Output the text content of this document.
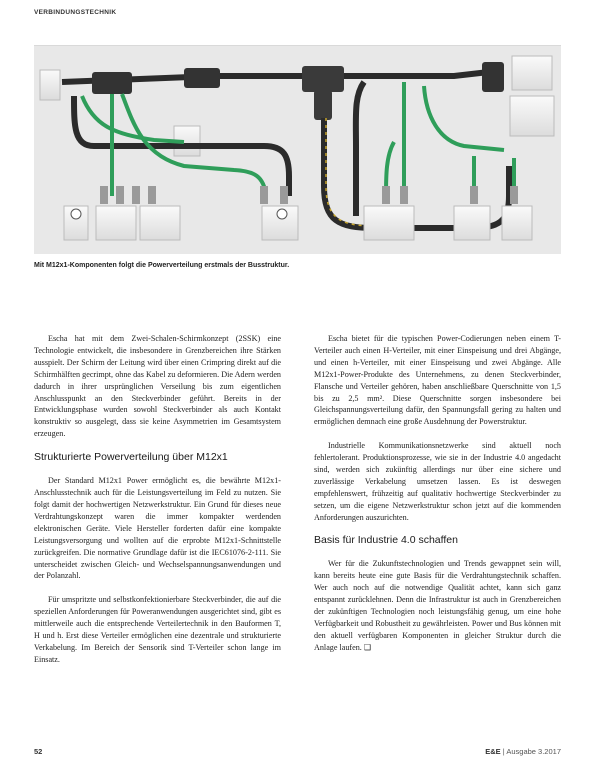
VERBINDUNGSTECHNIK
Mit M12x1-Komponenten folgt die Powerverteilung erstmals der Busstruktur.

Escha hat mit dem Zwei-Schalen-Schirmkonzept (2SSK) eine Technologie entwickelt, die insbesondere in Grenzbereichen ihre Stärken ausspielt. Der Schirm der Leitung wird über einen Crimpring direkt auf die Schirmhälften gecrimpt, ohne das Kabel zu deformieren. Die Adern werden dadurch in ihrer ursprünglichen Verseilung bis zum eigentlichen Anschlusspunkt an den Steckverbinder geführt. Bereits in der Entwicklungsphase wurden sowohl Steckverbinder als auch Kontakt konstruktiv so ausgelegt, dass sie keine Asymmetrien im Gesamtsystem erzeugen.

Strukturierte Powerverteilung über M12x1

Der Standard M12x1 Power ermöglicht es, die bewährte M12x1-Anschlusstechnik auch für die Leistungsverteilung im Feld zu nutzen. Sie folgt damit der hochwertigen Netzwerkstruktur. Ein Grund für dieses neue Verdrahtungskonzept waren die immer kompakter werdenden elektronischen Geräte. Viele Hersteller forderten dafür eine kompakte Leistungsversorgung und wollten auf die erprobte M12x1-Schnittstelle zurückgreifen. Die normative Grundlage dafür ist die IEC61076-2-111. Sie unterscheidet zwischen Gleich- und Wechselspannungsanwendungen und der Polanzahl.

Für umspritzte und selbstkonfektionierbare Steckverbinder, die auf die speziellen Anforderungen für Poweranwendungen ausgerichtet sind, gibt es mittlerweile auch die entsprechende Verteilertechnik in den Bauformen T, H und h. Erst diese Verteiler ermöglichen eine dezentrale und strukturierte Verkabelung. Im Bereich der Sensorik sind T-Verteiler schon lange im Einsatz.

Escha bietet für die typischen Power-Codierungen neben einem T-Verteiler auch einen H-Verteiler, mit einer Einspeisung und drei Abgänge, und einen h-Verteiler, mit einer Einspeisung und zwei Abgänge. Alle M12x1-Power-Produkte des Unternehmens, zu denen Steckverbinder, Flansche und Verteiler gehören, haben anschließbare Querschnitte von 1,5 bis zu 2,5 mm². Diese Querschnitte sorgen insbesondere bei Gleichspannungsverteilung dafür, den Spannungsfall gering zu halten und ermöglichen demnach eine große Ausdehnung der Powerstruktur.

Industrielle Kommunikationsnetzwerke sind aktuell noch fehlertolerant. Produktionsprozesse, wie sie in der Industrie 4.0 angedacht sind, werden sich zukünftig allerdings nur über eine sichere und zuverlässige Verkabelung umsetzen lassen. Es ist deswegen empfehlenswert, frühzeitig auf qualitativ hochwertige Steckverbinder zu setzen, um die eigene Netzwerkstruktur schon jetzt auf die kommenden Anforderungen auszurichten.

Basis für Industrie 4.0 schaffen

Wer für die Zukunftstechnologien und Trends gewappnet sein will, kann bereits heute eine gute Basis für die Verdrahtungstechnik schaffen. Wer auch noch auf die notwendige Qualität achtet, kann sich ganz entspannt zurücklehnen. Denn die Infrastruktur ist auch in Grenzbereichen der zukünftigen Technologien noch leistungsfähig genug, um eine hohe Verfügbarkeit und Robustheit zu gewährleisten. Power und Bus können mit den aktuell verfügbaren Komponenten in gleicher Struktur durch die Anlage laufen. ❑

52	E&E | Ausgabe 3.2017
